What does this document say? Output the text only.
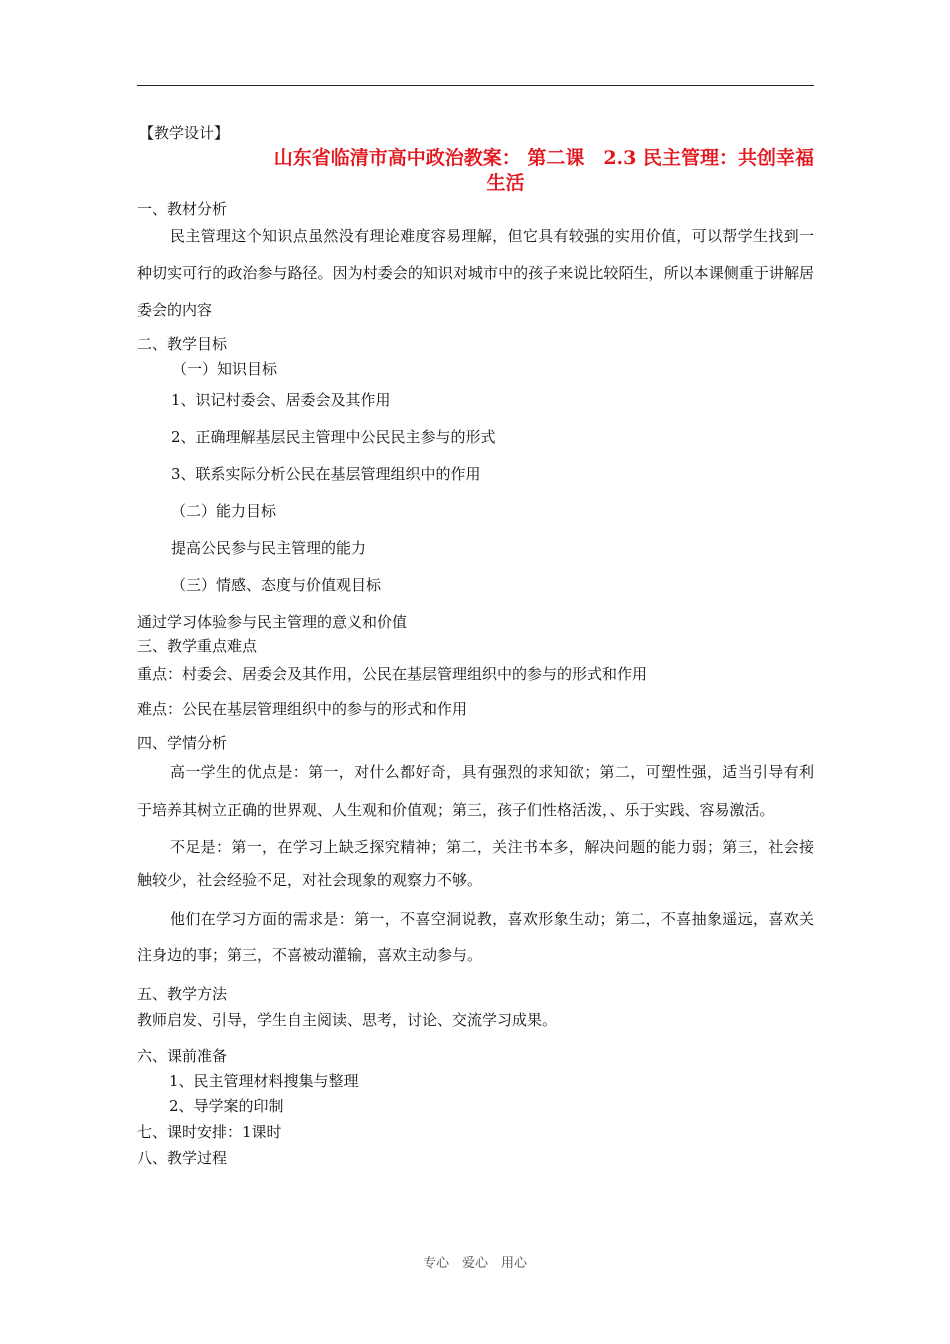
【教学设计】
山东省临清市高中政治教案： 第二课　2.3 民主管理：共创幸福
生活
一、教材分析
民主管理这个知识点虽然没有理论难度容易理解，但它具有较强的实用价值，可以帮学生找到一种切实可行的政治参与路径。因为村委会的知识对城市中的孩子来说比较陌生，所以本课侧重于讲解居委会的内容
二、教学目标
（一）知识目标
1、识记村委会、居委会及其作用
2、正确理解基层民主管理中公民民主参与的形式
3、联系实际分析公民在基层管理组织中的作用
（二）能力目标
提高公民参与民主管理的能力
（三）情感、态度与价值观目标
通过学习体验参与民主管理的意义和价值
三、教学重点难点
重点：村委会、居委会及其作用，公民在基层管理组织中的参与的形式和作用
难点：公民在基层管理组织中的参与的形式和作用
四、学情分析
高一学生的优点是：第一，对什么都好奇，具有强烈的求知欲；第二，可塑性强，适当引导有利于培养其树立正确的世界观、人生观和价值观；第三，孩子们性格活泼，、乐于实践、容易激活。
不足是：第一，在学习上缺乏探究精神；第二，关注书本多，解决问题的能力弱；第三，社会接触较少，社会经验不足，对社会现象的观察力不够。
他们在学习方面的需求是：第一，不喜空洞说教，喜欢形象生动；第二，不喜抽象遥远，喜欢关注身边的事；第三，不喜被动灌输，喜欢主动参与。
五、教学方法
教师启发、引导，学生自主阅读、思考，讨论、交流学习成果。
六、课前准备
1、民主管理材料搜集与整理
2、导学案的印制
七、课时安排：1课时
八、教学过程
专心　爱心　用心
